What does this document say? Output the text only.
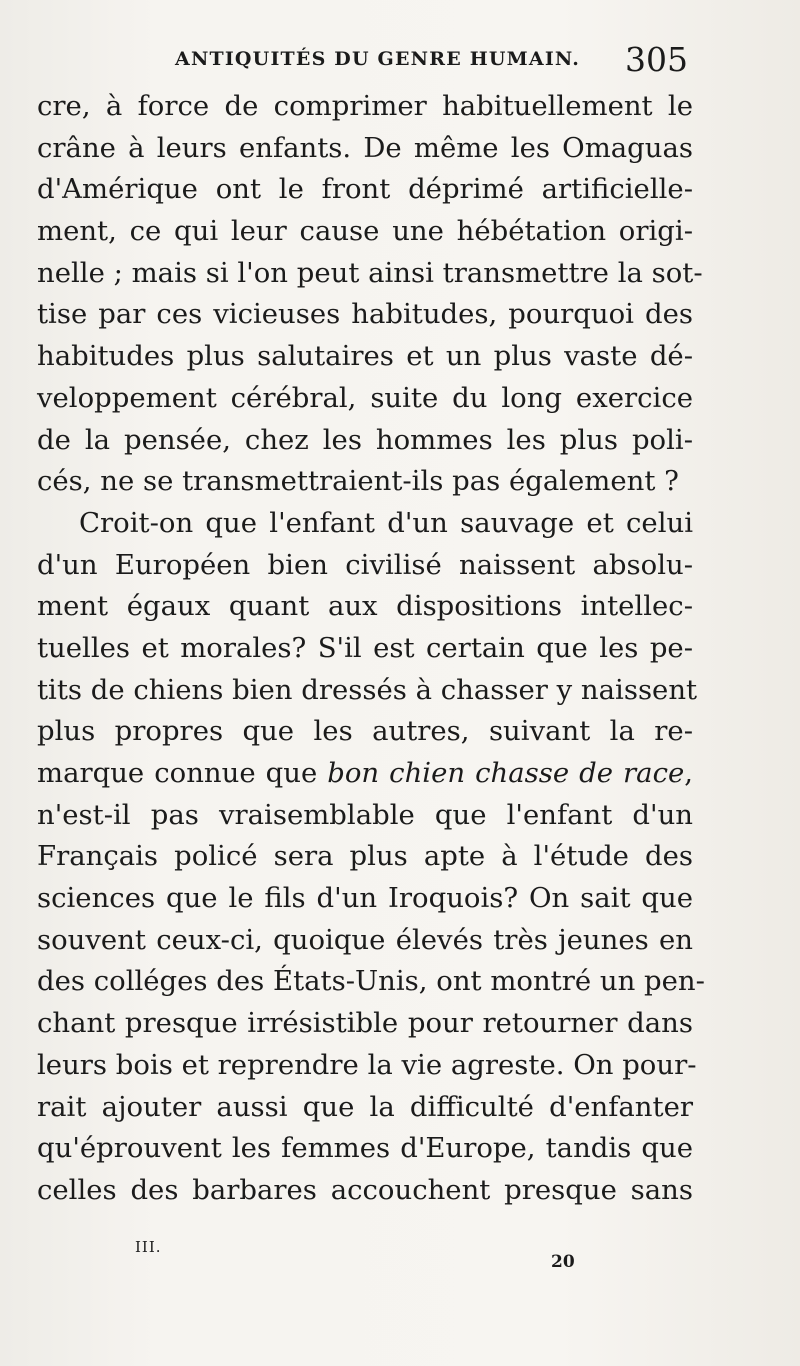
ANTIQUITÉS DU GENRE HUMAIN. 305
cre, à force de comprimer habituellement le
crâne à leurs enfants. De même les Omaguas
d'Amérique ont le front déprimé artificielle-
ment, ce qui leur cause une hébétation origi-
nelle ; mais si l'on peut ainsi transmettre la sot-
tise par ces vicieuses habitudes, pourquoi des
habitudes plus salutaires et un plus vaste dé-
veloppement cérébral, suite du long exercice
de la pensée, chez les hommes les plus poli-
cés, ne se transmettraient-ils pas également ?
Croit-on que l'enfant d'un sauvage et celui
d'un Européen bien civilisé naissent absolu-
ment égaux quant aux dispositions intellec-
tuelles et morales? S'il est certain que les pe-
tits de chiens bien dressés à chasser y naissent
plus propres que les autres, suivant la re-
marque connue que bon chien chasse de race,
n'est-il pas vraisemblable que l'enfant d'un
Français policé sera plus apte à l'étude des
sciences que le fils d'un Iroquois? On sait que
souvent ceux-ci, quoique élevés très jeunes en
des colléges des États-Unis, ont montré un pen-
chant presque irrésistible pour retourner dans
leurs bois et reprendre la vie agreste. On pour-
rait ajouter aussi que la difficulté d'enfanter
qu'éprouvent les femmes d'Europe, tandis que
celles des barbares accouchent presque sans
III.
20
